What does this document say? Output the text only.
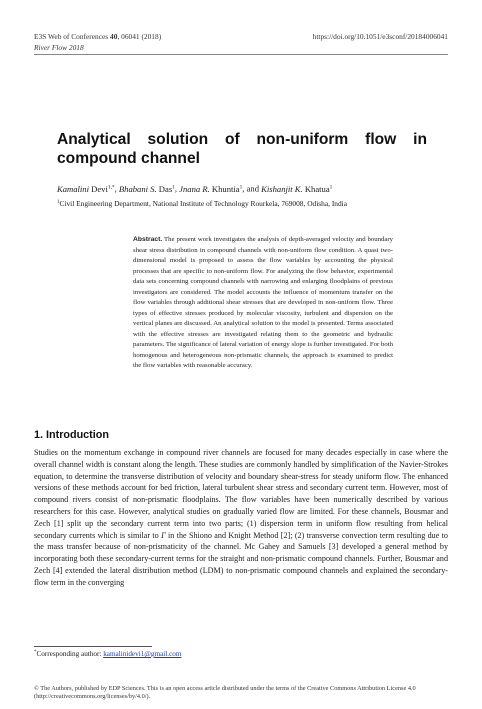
E3S Web of Conferences 40, 06041 (2018)
River Flow 2018
https://doi.org/10.1051/e3sconf/20184006041
Analytical solution of non-uniform flow in compound channel
Kamalini Devi$^{1,*}$, Bhabani S. Das$^1$, Jnana R. Khuntia$^1$, and Kishanjit K. Khatua$^1$
$^1$Civil Engineering Department, National Institute of Technology Rourkela, 769008, Odisha, India
Abstract. The present work investigates the analysis of depth-averaged velocity and boundary shear stress distribution in compound channels with non-uniform flow condition. A quasi two-dimensional model is proposed to assess the flow variables by accounting the physical processes that are specific to non-uniform flow. For analyzing the flow behavior, experimental data sets concerning compound channels with narrowing and enlarging floodplains of previous investigators are considered. The model accounts the influence of momentum transfer on the flow variables through additional shear stresses that are developed in non-uniform flow. Three types of effective stresses produced by molecular viscosity, turbulent and dispersion on the vertical planes are discussed. An analytical solution to the model is presented. Terms associated with the effective stresses are investigated relating them to the geometric and hydraulic parameters. The significance of lateral variation of energy slope is further investigated. For both homogenous and heterogeneous non-prismatic channels, the approach is examined to predict the flow variables with reasonable accuracy.
1. Introduction
Studies on the momentum exchange in compound river channels are focused for many decades especially in case where the overall channel width is constant along the length. These studies are commonly handled by simplification of the Navier-Strokes equation, to determine the transverse distribution of velocity and boundary shear-stress for steady uniform flow. The enhanced versions of these methods account for bed friction, lateral turbulent shear stress and secondary current term. However, most of compound rivers consist of non-prismatic floodplains. The flow variables have been numerically described by various researchers for this case. However, analytical studies on gradually varied flow are limited. For these channels, Bousmar and Zech [1] split up the secondary current term into two parts; (1) dispersion term in uniform flow resulting from helical secondary currents which is similar to Γ in the Shiono and Knight Method [2]; (2) transverse convection term resulting due to the mass transfer because of non-prismaticity of the channel. Mc Gahey and Samuels [3] developed a general method by incorporating both these secondary-current terms for the straight and non-prismatic compound channels. Further, Bousmar and Zech [4] extended the lateral distribution method (LDM) to non-prismatic compound channels and explained the secondary-flow term in the converging
*Corresponding author: kamalinidevi1@gmail.com
© The Authors, published by EDP Sciences. This is an open access article distributed under the terms of the Creative Commons Attribution License 4.0 (http://creativecommons.org/licenses/by/4.0/).
